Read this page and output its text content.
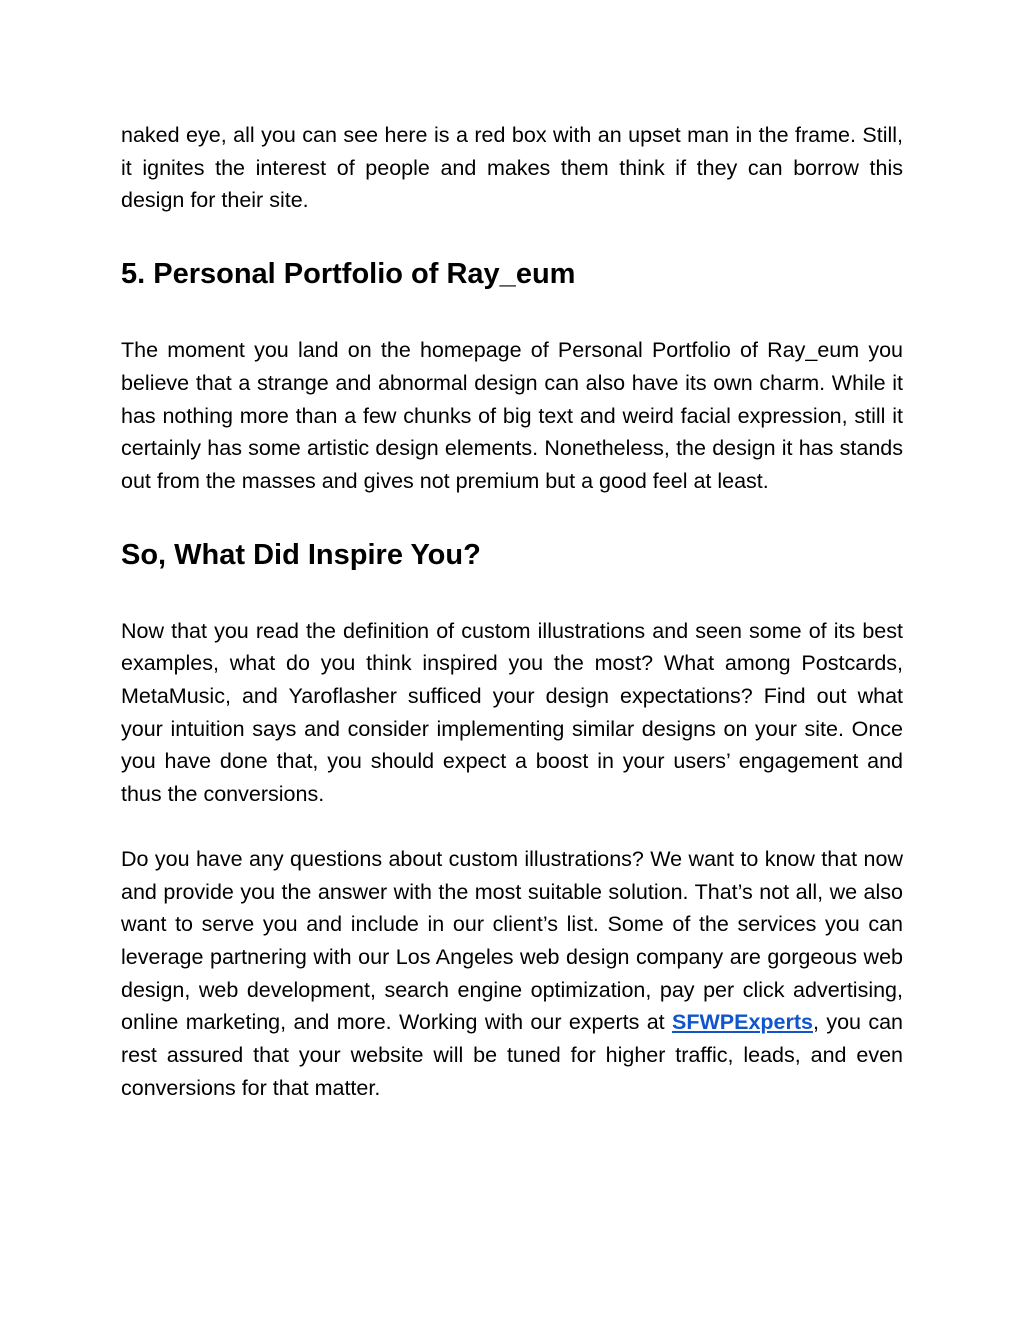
naked eye, all you can see here is a red box with an upset man in the frame. Still, it ignites the interest of people and makes them think if they can borrow this design for their site.

5. Personal Portfolio of Ray_eum

The moment you land on the homepage of Personal Portfolio of Ray_eum you believe that a strange and abnormal design can also have its own charm. While it has nothing more than a few chunks of big text and weird facial expression, still it certainly has some artistic design elements. Nonetheless, the design it has stands out from the masses and gives not premium but a good feel at least.

So, What Did Inspire You?

Now that you read the definition of custom illustrations and seen some of its best examples, what do you think inspired you the most? What among Postcards, MetaMusic, and Yaroflasher sufficed your design expectations? Find out what your intuition says and consider implementing similar designs on your site. Once you have done that, you should expect a boost in your users’ engagement and thus the conversions.

Do you have any questions about custom illustrations? We want to know that now and provide you the answer with the most suitable solution. That’s not all, we also want to serve you and include in our client’s list. Some of the services you can leverage partnering with our Los Angeles web design company are gorgeous web design, web development, search engine optimization, pay per click advertising, online marketing, and more. Working with our experts at SFWPExperts, you can rest assured that your website will be tuned for higher traffic, leads, and even conversions for that matter.
